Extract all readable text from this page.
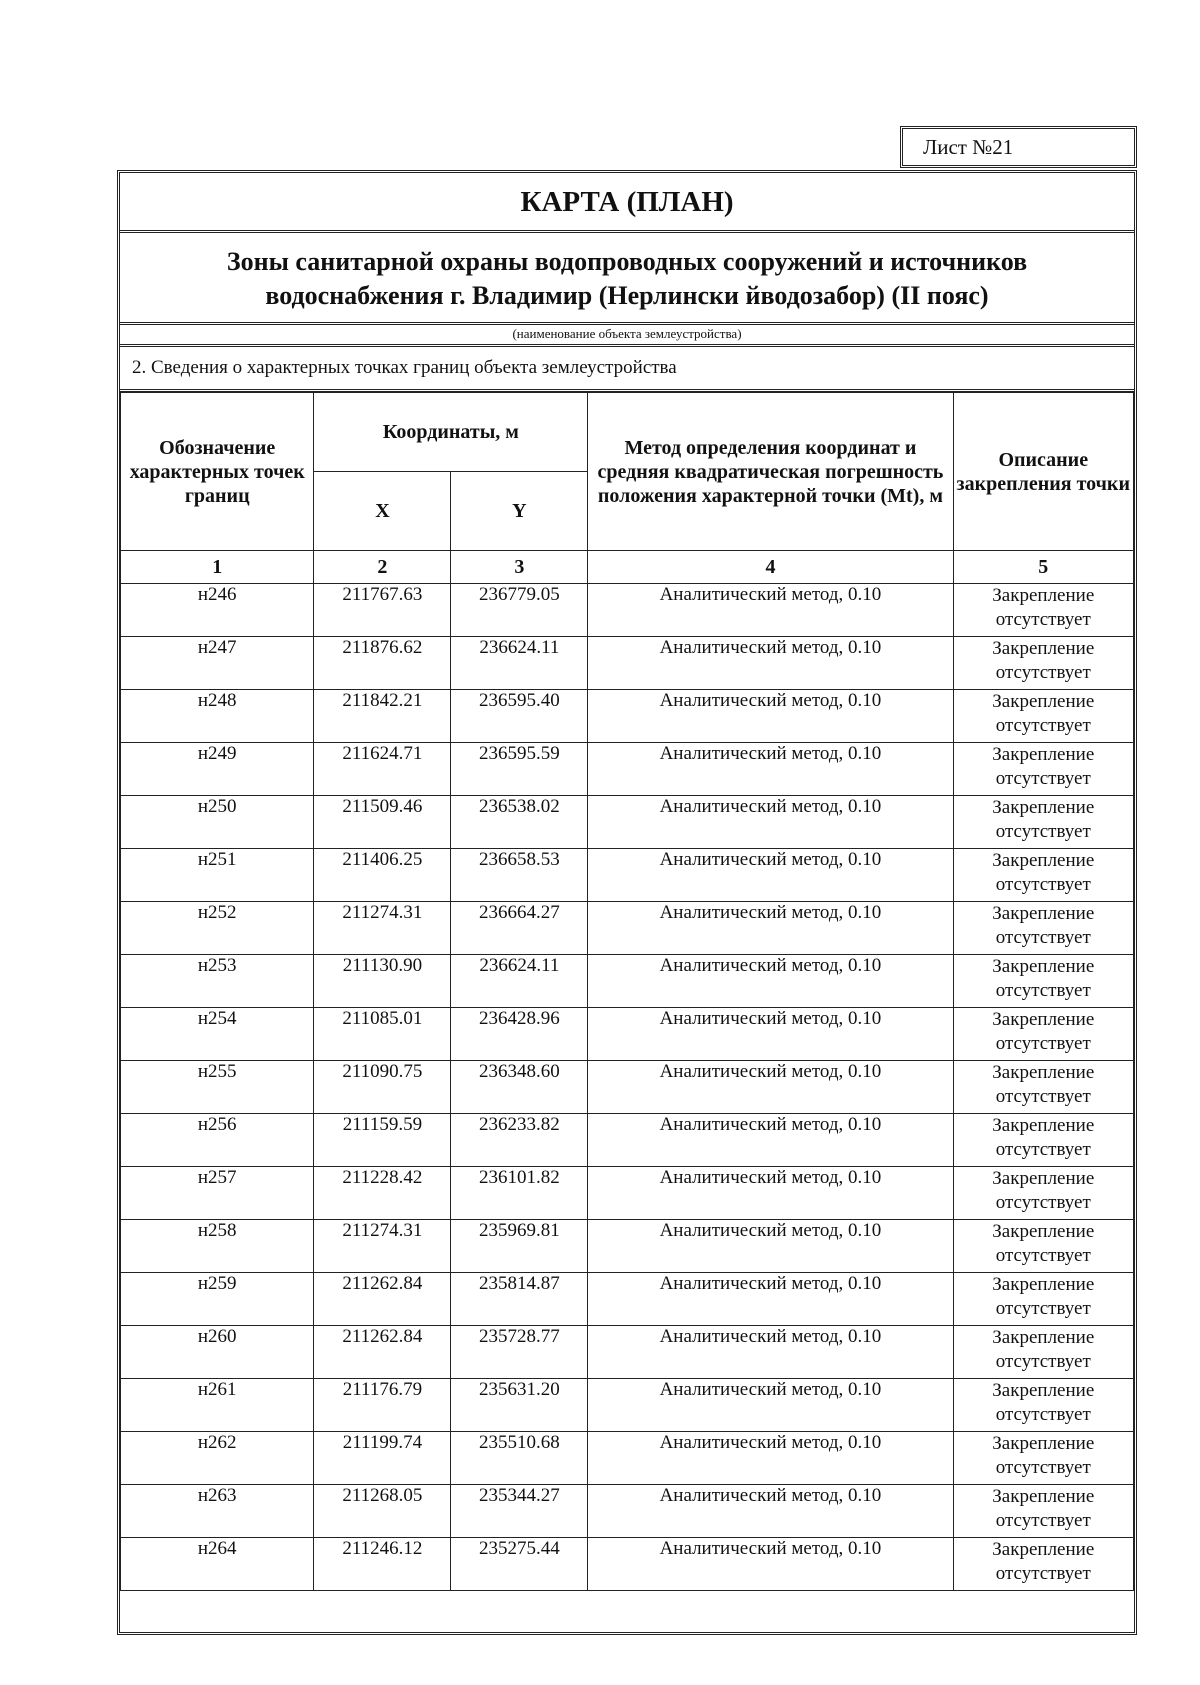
Лист №21
КАРТА (ПЛАН)
Зоны санитарной охраны водопроводных сооружений и источников
водоснабжения г. Владимир (Нерлински йводозабор) (II пояс)
(наименование объекта землеустройства)
2. Сведения о характерных точках границ объекта землеустройства
Обозначение характерных точек границ	Координаты, м		Метод определения координат и средняя квадратическая погрешность положения характерной точки (Mt), м	Описание закрепления точки
	X	Y		
1	2	3	4	5
н246	211767.63	236779.05	Аналитический метод, 0.10	Закрепление отсутствует
н247	211876.62	236624.11	Аналитический метод, 0.10	Закрепление отсутствует
н248	211842.21	236595.40	Аналитический метод, 0.10	Закрепление отсутствует
н249	211624.71	236595.59	Аналитический метод, 0.10	Закрепление отсутствует
н250	211509.46	236538.02	Аналитический метод, 0.10	Закрепление отсутствует
н251	211406.25	236658.53	Аналитический метод, 0.10	Закрепление отсутствует
н252	211274.31	236664.27	Аналитический метод, 0.10	Закрепление отсутствует
н253	211130.90	236624.11	Аналитический метод, 0.10	Закрепление отсутствует
н254	211085.01	236428.96	Аналитический метод, 0.10	Закрепление отсутствует
н255	211090.75	236348.60	Аналитический метод, 0.10	Закрепление отсутствует
н256	211159.59	236233.82	Аналитический метод, 0.10	Закрепление отсутствует
н257	211228.42	236101.82	Аналитический метод, 0.10	Закрепление отсутствует
н258	211274.31	235969.81	Аналитический метод, 0.10	Закрепление отсутствует
н259	211262.84	235814.87	Аналитический метод, 0.10	Закрепление отсутствует
н260	211262.84	235728.77	Аналитический метод, 0.10	Закрепление отсутствует
н261	211176.79	235631.20	Аналитический метод, 0.10	Закрепление отсутствует
н262	211199.74	235510.68	Аналитический метод, 0.10	Закрепление отсутствует
н263	211268.05	235344.27	Аналитический метод, 0.10	Закрепление отсутствует
н264	211246.12	235275.44	Аналитический метод, 0.10	Закрепление отсутствует
